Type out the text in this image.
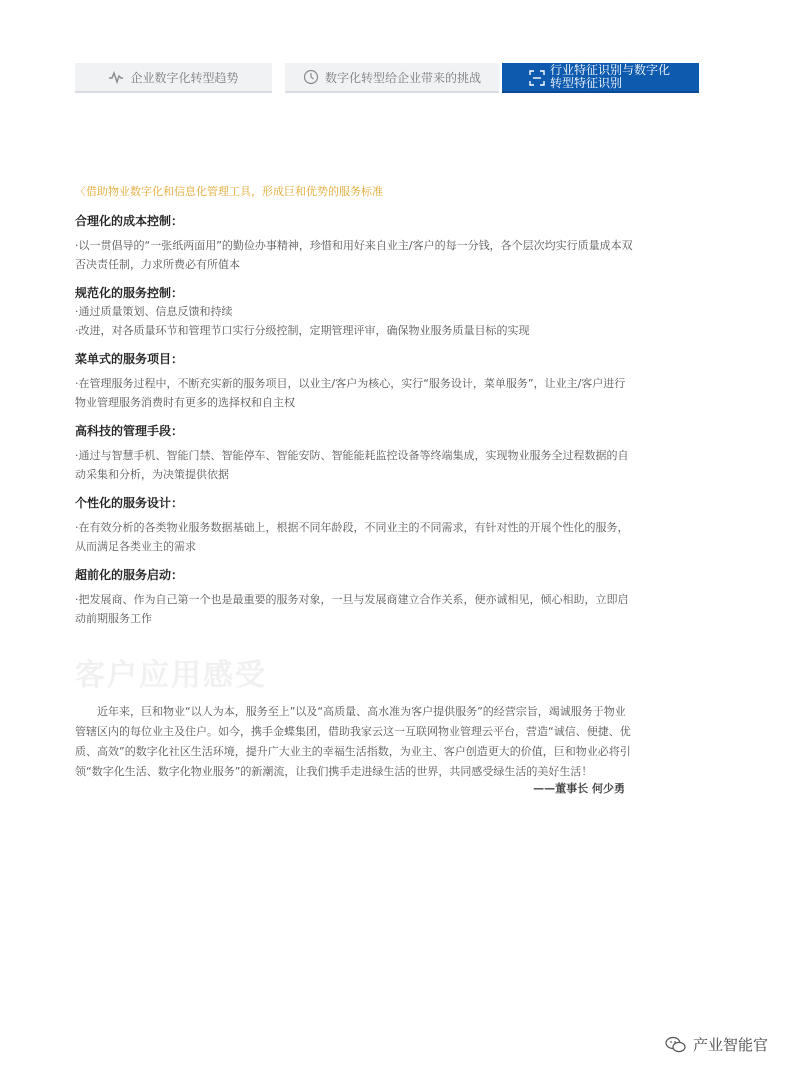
企业数字化转型趋势	数字化转型给企业带来的挑战
行业特征识别与数字化
转型特征识别

〈借助物业数字化和信息化管理工具，形成巨和优势的服务标准

合理化的成本控制：

·以一贯倡导的“一张纸两面用”的勤俭办事精神，珍惜和用好来自业主/客户的每一分钱，各个层次均实行质量成本双否决责任制，力求所费必有所值本

规范化的服务控制：

·通过质量策划、信息反馈和持续

·改进，对各质量环节和管理节口实行分级控制，定期管理评审，确保物业服务质量目标的实现

菜单式的服务项目：

·在管理服务过程中，不断充实新的服务项目，以业主/客户为核心，实行“服务设计，菜单服务”，让业主/客户进行物业管理服务消费时有更多的选择权和自主权

高科技的管理手段：

·通过与智慧手机、智能门禁、智能停车、智能安防、智能能耗监控设备等终端集成，实现物业服务全过程数据的自动采集和分析，为决策提供依据

个性化的服务设计：

·在有效分析的各类物业服务数据基础上，根据不同年龄段，不同业主的不同需求，有针对性的开展个性化的服务，从而满足各类业主的需求

超前化的服务启动：

·把发展商、作为自己第一个也是最重要的服务对象，一旦与发展商建立合作关系，便亦诚相见，倾心相助，立即启动前期服务工作

客户应用感受

近年来，巨和物业“以人为本，服务至上”以及“高质量、高水准为客户提供服务”的经营宗旨，竭诚服务于物业管辖区内的每位业主及住户。如今，携手金蝶集团，借助我家云这一互联网物业管理云平台，营造“诚信、便捷、优质、高效”的数字化社区生活环境，提升广大业主的幸福生活指数，为业主、客户创造更大的价值，巨和物业必将引领“数字化生活、数字化物业服务”的新潮流，让我们携手走进绿生活的世界，共同感受绿生活的美好生活！

——董事长 何少勇
产业智能官
